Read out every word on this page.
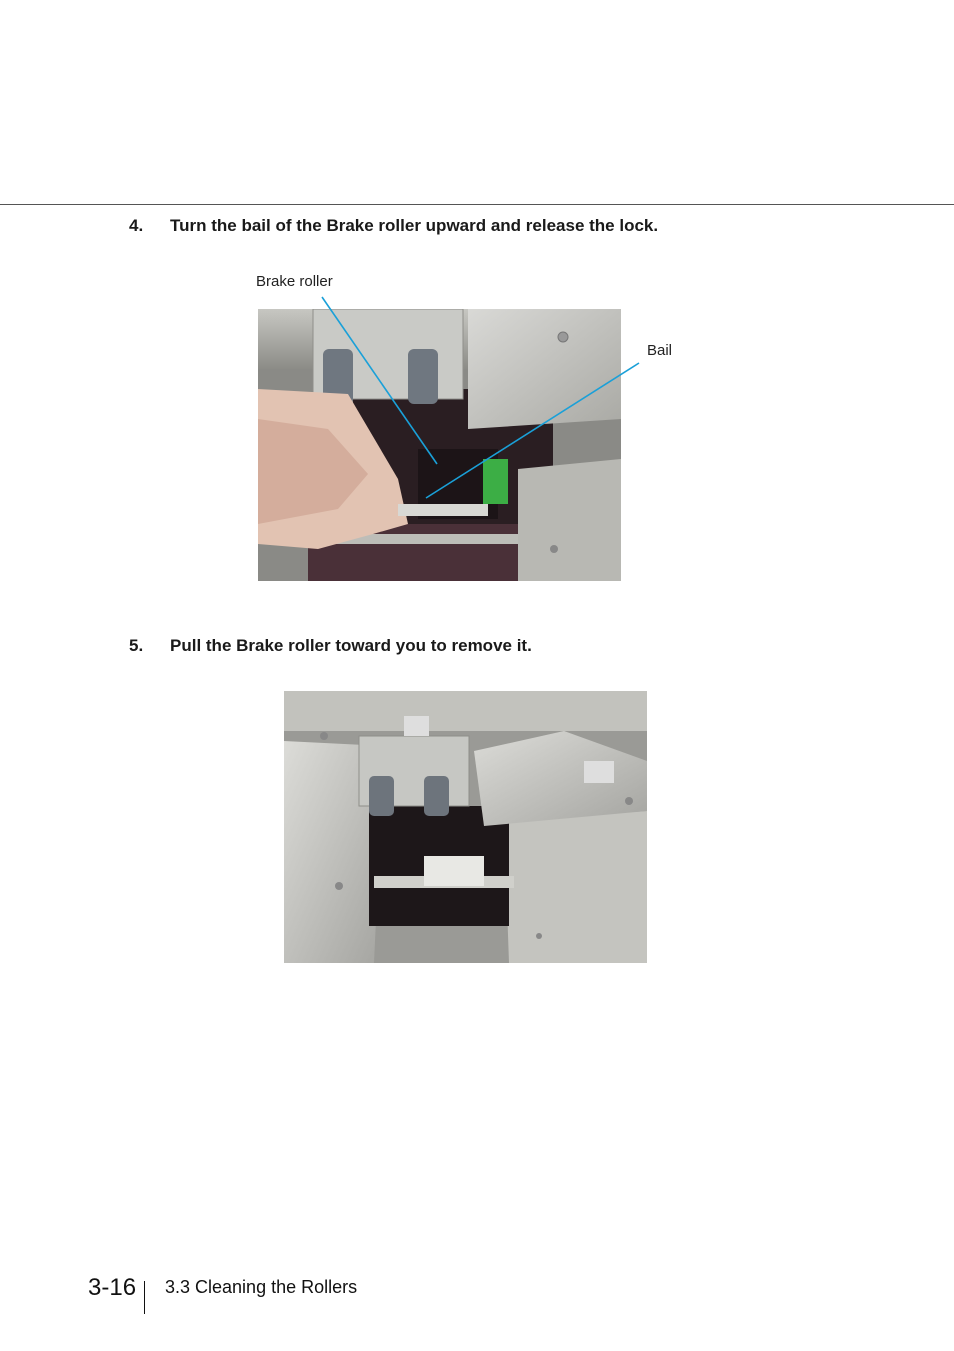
4.	Turn the bail of the Brake roller upward and release the lock.
Brake roller
Bail
5.	Pull the Brake roller toward you to remove it.
3-16 3.3 Cleaning the Rollers
